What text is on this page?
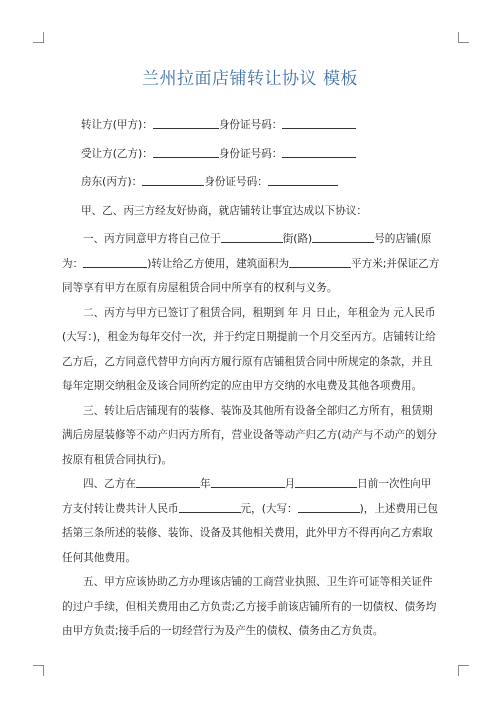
兰州拉面店铺转让协议 模板

转让方(甲方)：	身份证号码：

受让方(乙方)：	身份证号码：

房东(丙方)：	身份证号码：

甲、乙、丙三方经友好协商，就店铺转让事宜达成以下协议：

一、丙方同意甲方将自己位于	街(路)	号的店铺(原为：	)转让给乙方使用，建筑面积为	平方米;并保证乙方同等享有甲方在原有房屋租赁合同中所享有的权利与义务。

二、丙方与甲方已签订了租赁合同，租期到 年 月 日止，年租金为 元人民币(大写：)，租金为每年交付一次，并于约定日期提前一个月交至丙方。店铺转让给乙方后，乙方同意代替甲方向丙方履行原有店铺租赁合同中所规定的条款，并且每年定期交纳租金及该合同所约定的应由甲方交纳的水电费及其他各项费用。

三、转让后店铺现有的装修、装饰及其他所有设备全部归乙方所有，租赁期满后房屋装修等不动产归丙方所有，营业设备等动产归乙方(动产与不动产的划分按原有租赁合同执行)。

四、乙方在	年	月	日前一次性向甲方支付转让费共计人民币	元，(大写：	)，上述费用已包括第三条所述的装修、装饰、设备及其他相关费用，此外甲方不得再向乙方索取任何其他费用。

五、甲方应该协助乙方办理该店铺的工商营业执照、卫生许可证等相关证件的过户手续，但相关费用由乙方负责;乙方接手前该店铺所有的一切债权、债务均由甲方负责;接手后的一切经营行为及产生的债权、债务由乙方负责。
